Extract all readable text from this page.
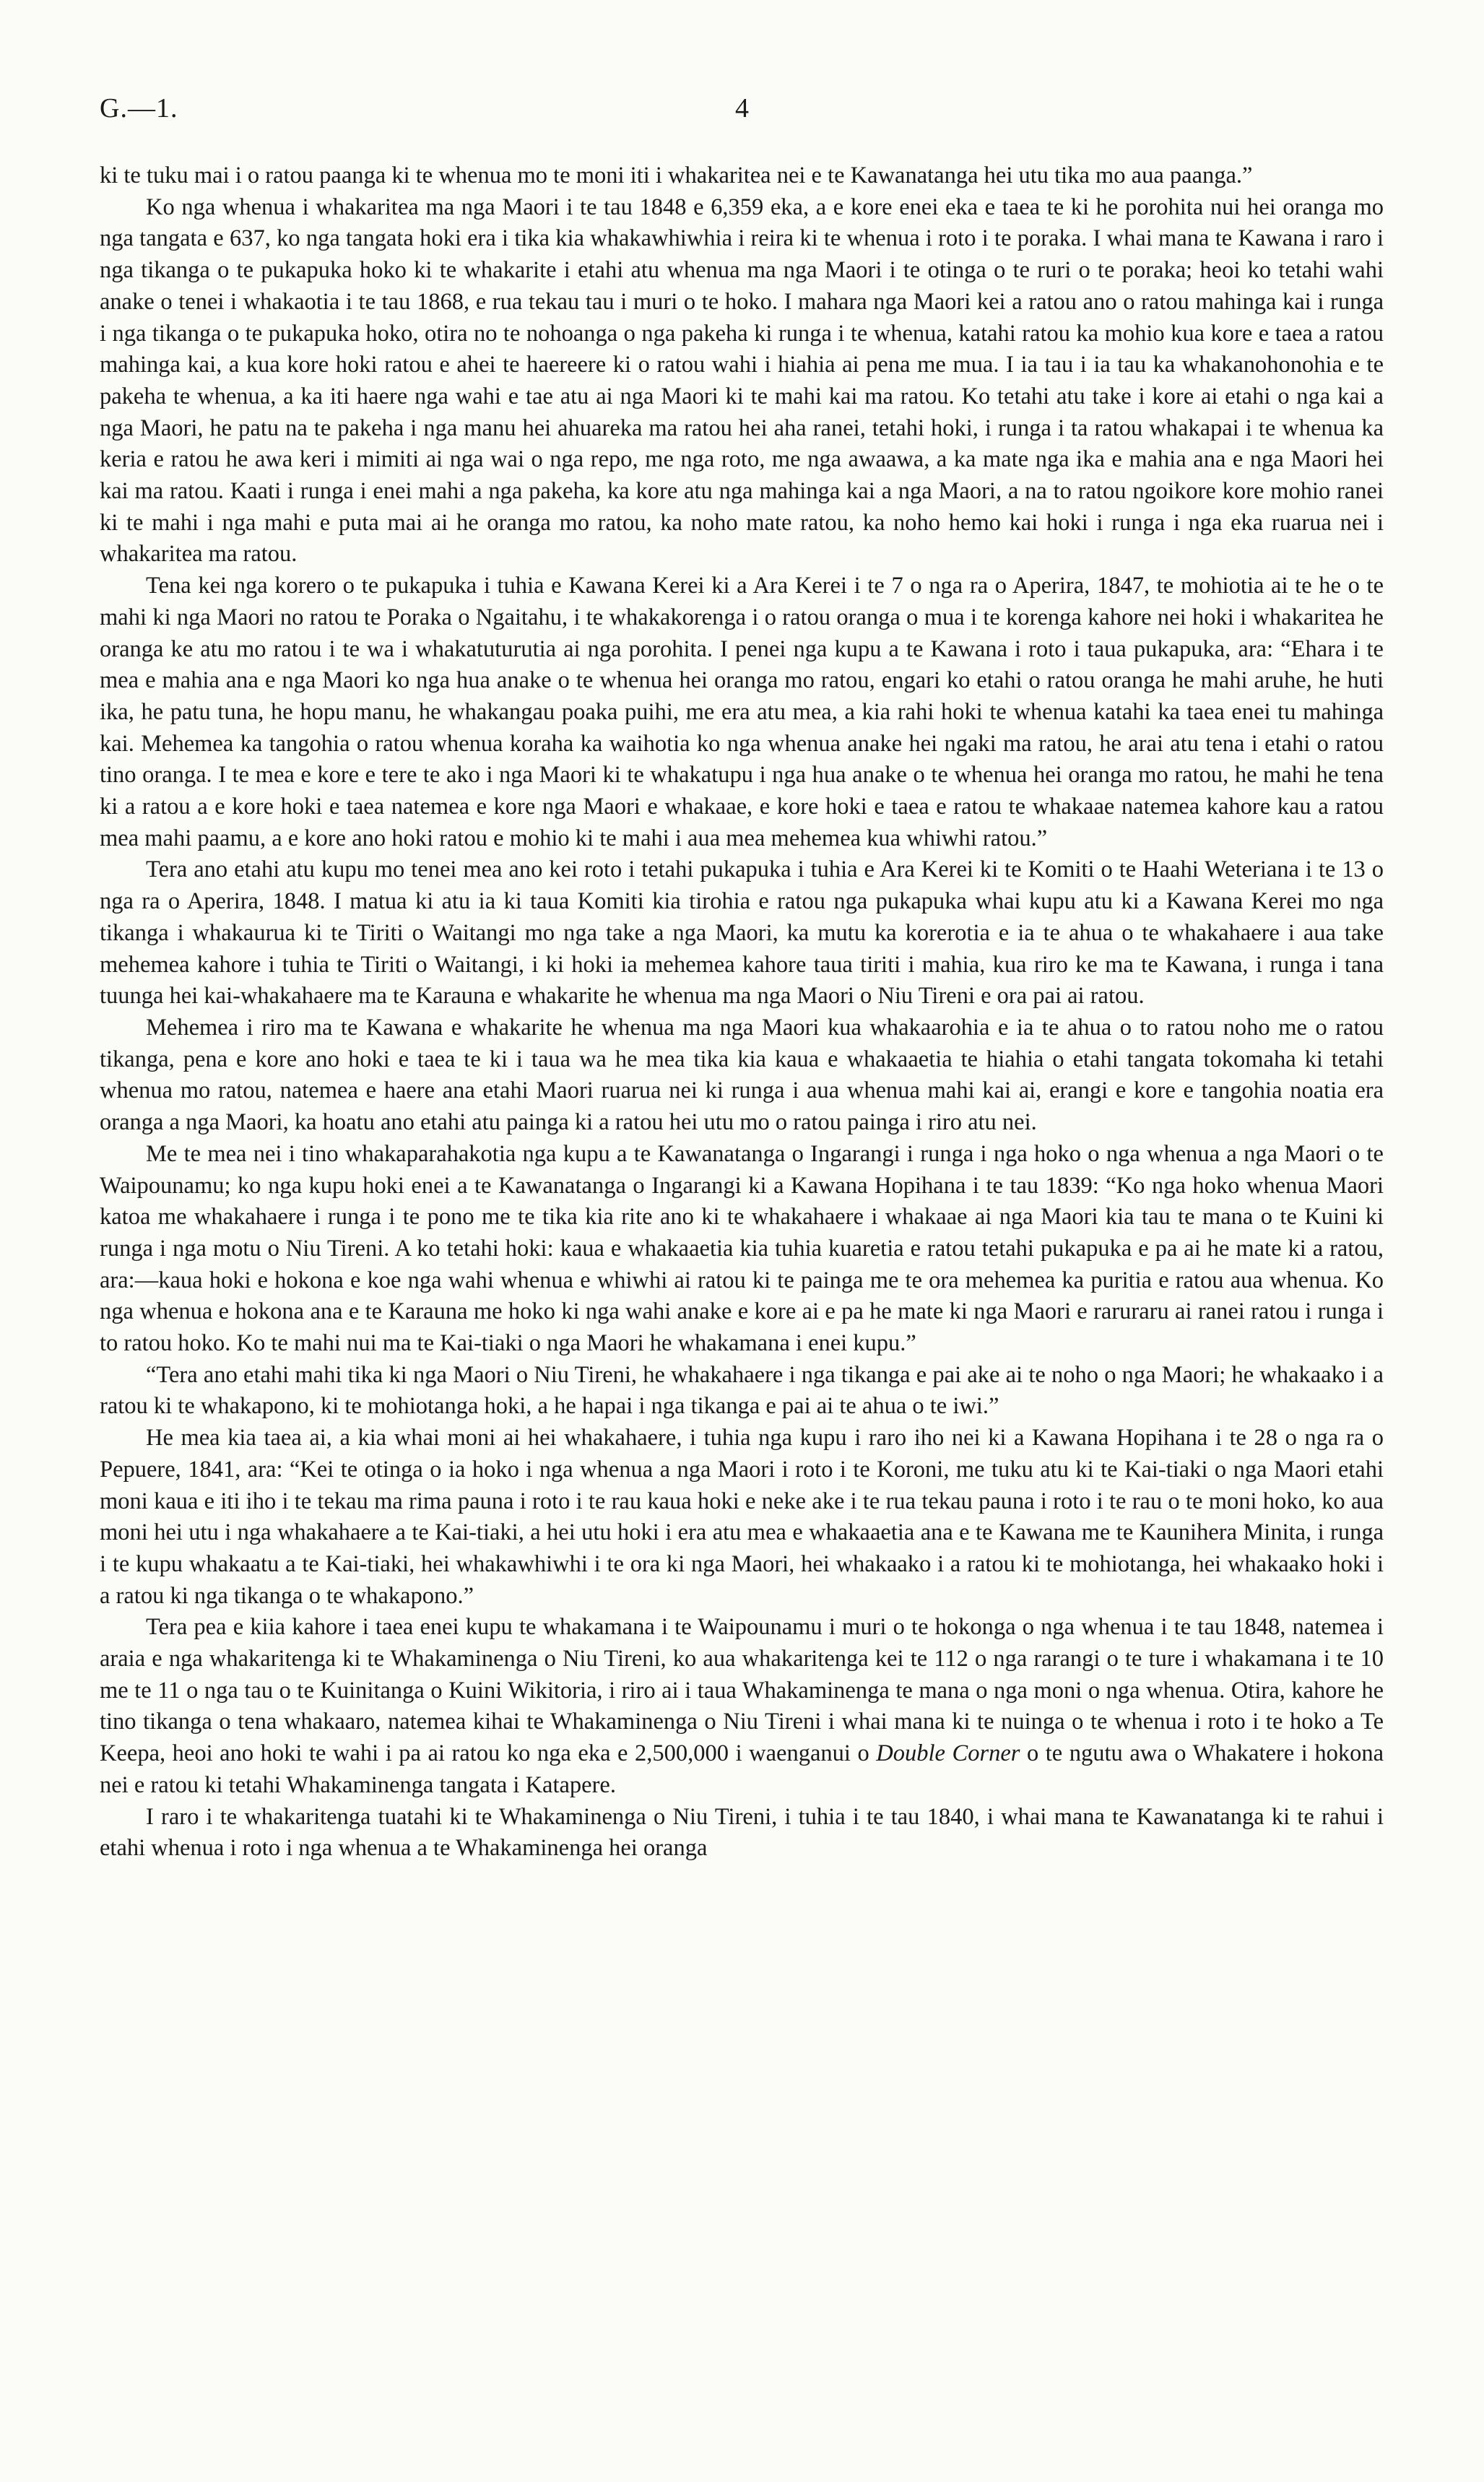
G.—1.	4

ki te tuku mai i o ratou paanga ki te whenua mo te moni iti i whakaritea nei e te Kawanatanga hei utu tika mo aua paanga.”

Ko nga whenua i whakaritea ma nga Maori i te tau 1848 e 6,359 eka, a e kore enei eka e taea te ki he porohita nui hei oranga mo nga tangata e 637, ko nga tangata hoki era i tika kia whakawhiwhia i reira ki te whenua i roto i te poraka. I whai mana te Kawana i raro i nga tikanga o te pukapuka hoko ki te whakarite i etahi atu whenua ma nga Maori i te otinga o te ruri o te poraka; heoi ko tetahi wahi anake o tenei i whakaotia i te tau 1868, e rua tekau tau i muri o te hoko. I mahara nga Maori kei a ratou ano o ratou mahinga kai i runga i nga tikanga o te pukapuka hoko, otira no te nohoanga o nga pakeha ki runga i te whenua, katahi ratou ka mohio kua kore e taea a ratou mahinga kai, a kua kore hoki ratou e ahei te haereere ki o ratou wahi i hiahia ai pena me mua. I ia tau i ia tau ka whakanohonohia e te pakeha te whenua, a ka iti haere nga wahi e tae atu ai nga Maori ki te mahi kai ma ratou. Ko tetahi atu take i kore ai etahi o nga kai a nga Maori, he patu na te pakeha i nga manu hei ahuareka ma ratou hei aha ranei, tetahi hoki, i runga i ta ratou whakapai i te whenua ka keria e ratou he awa keri i mimiti ai nga wai o nga repo, me nga roto, me nga awaawa, a ka mate nga ika e mahia ana e nga Maori hei kai ma ratou. Kaati i runga i enei mahi a nga pakeha, ka kore atu nga mahinga kai a nga Maori, a na to ratou ngoikore kore mohio ranei ki te mahi i nga mahi e puta mai ai he oranga mo ratou, ka noho mate ratou, ka noho hemo kai hoki i runga i nga eka ruarua nei i whakaritea ma ratou.

Tena kei nga korero o te pukapuka i tuhia e Kawana Kerei ki a Ara Kerei i te 7 o nga ra o Aperira, 1847, te mohiotia ai te he o te mahi ki nga Maori no ratou te Poraka o Ngaitahu, i te whakakorenga i o ratou oranga o mua i te korenga kahore nei hoki i whakaritea he oranga ke atu mo ratou i te wa i whakatuturutia ai nga porohita. I penei nga kupu a te Kawana i roto i taua pukapuka, ara: “Ehara i te mea e mahia ana e nga Maori ko nga hua anake o te whenua hei oranga mo ratou, engari ko etahi o ratou oranga he mahi aruhe, he huti ika, he patu tuna, he hopu manu, he whakangau poaka puihi, me era atu mea, a kia rahi hoki te whenua katahi ka taea enei tu mahinga kai. Mehemea ka tangohia o ratou whenua koraha ka waihotia ko nga whenua anake hei ngaki ma ratou, he arai atu tena i etahi o ratou tino oranga. I te mea e kore e tere te ako i nga Maori ki te whakatupu i nga hua anake o te whenua hei oranga mo ratou, he mahi he tena ki a ratou a e kore hoki e taea natemea e kore nga Maori e whakaae, e kore hoki e taea e ratou te whakaae natemea kahore kau a ratou mea mahi paamu, a e kore ano hoki ratou e mohio ki te mahi i aua mea mehemea kua whiwhi ratou.”

Tera ano etahi atu kupu mo tenei mea ano kei roto i tetahi pukapuka i tuhia e Ara Kerei ki te Komiti o te Haahi Weteriana i te 13 o nga ra o Aperira, 1848. I matua ki atu ia ki taua Komiti kia tirohia e ratou nga pukapuka whai kupu atu ki a Kawana Kerei mo nga tikanga i whakaurua ki te Tiriti o Waitangi mo nga take a nga Maori, ka mutu ka korerotia e ia te ahua o te whakahaere i aua take mehemea kahore i tuhia te Tiriti o Waitangi, i ki hoki ia mehemea kahore taua tiriti i mahia, kua riro ke ma te Kawana, i runga i tana tuunga hei kai-whakahaere ma te Karauna e whakarite he whenua ma nga Maori o Niu Tireni e ora pai ai ratou.

Mehemea i riro ma te Kawana e whakarite he whenua ma nga Maori kua whakaarohia e ia te ahua o to ratou noho me o ratou tikanga, pena e kore ano hoki e taea te ki i taua wa he mea tika kia kaua e whakaaetia te hiahia o etahi tangata tokomaha ki tetahi whenua mo ratou, natemea e haere ana etahi Maori ruarua nei ki runga i aua whenua mahi kai ai, erangi e kore e tangohia noatia era oranga a nga Maori, ka hoatu ano etahi atu painga ki a ratou hei utu mo o ratou painga i riro atu nei.

Me te mea nei i tino whakaparahakotia nga kupu a te Kawanatanga o Ingarangi i runga i nga hoko o nga whenua a nga Maori o te Waipounamu; ko nga kupu hoki enei a te Kawanatanga o Ingarangi ki a Kawana Hopihana i te tau 1839: “Ko nga hoko whenua Maori katoa me whakahaere i runga i te pono me te tika kia rite ano ki te whakahaere i whakaae ai nga Maori kia tau te mana o te Kuini ki runga i nga motu o Niu Tireni. A ko tetahi hoki: kaua e whakaaetia kia tuhia kuaretia e ratou tetahi pukapuka e pa ai he mate ki a ratou, ara:—kaua hoki e hokona e koe nga wahi whenua e whiwhi ai ratou ki te painga me te ora mehemea ka puritia e ratou aua whenua. Ko nga whenua e hokona ana e te Karauna me hoko ki nga wahi anake e kore ai e pa he mate ki nga Maori e raruraru ai ranei ratou i runga i to ratou hoko. Ko te mahi nui ma te Kai-tiaki o nga Maori he whakamana i enei kupu.”

“Tera ano etahi mahi tika ki nga Maori o Niu Tireni, he whakahaere i nga tikanga e pai ake ai te noho o nga Maori; he whakaako i a ratou ki te whakapono, ki te mohiotanga hoki, a he hapai i nga tikanga e pai ai te ahua o te iwi.”

He mea kia taea ai, a kia whai moni ai hei whakahaere, i tuhia nga kupu i raro iho nei ki a Kawana Hopihana i te 28 o nga ra o Pepuere, 1841, ara: “Kei te otinga o ia hoko i nga whenua a nga Maori i roto i te Koroni, me tuku atu ki te Kai-tiaki o nga Maori etahi moni kaua e iti iho i te tekau ma rima pauna i roto i te rau kaua hoki e neke ake i te rua tekau pauna i roto i te rau o te moni hoko, ko aua moni hei utu i nga whakahaere a te Kai-tiaki, a hei utu hoki i era atu mea e whakaaetia ana e te Kawana me te Kaunihera Minita, i runga i te kupu whakaatu a te Kai-tiaki, hei whakawhiwhi i te ora ki nga Maori, hei whakaako i a ratou ki te mohiotanga, hei whakaako hoki i a ratou ki nga tikanga o te whakapono.”

Tera pea e kiia kahore i taea enei kupu te whakamana i te Waipounamu i muri o te hokonga o nga whenua i te tau 1848, natemea i araia e nga whakaritenga ki te Whakaminenga o Niu Tireni, ko aua whakaritenga kei te 112 o nga rarangi o te ture i whakamana i te 10 me te 11 o nga tau o te Kuinitanga o Kuini Wikitoria, i riro ai i taua Whakaminenga te mana o nga moni o nga whenua. Otira, kahore he tino tikanga o tena whakaaro, natemea kihai te Whakaminenga o Niu Tireni i whai mana ki te nuinga o te whenua i roto i te hoko a Te Keepa, heoi ano hoki te wahi i pa ai ratou ko nga eka e 2,500,000 i waenganui o Double Corner o te ngutu awa o Whakatere i hokona nei e ratou ki tetahi Whakaminenga tangata i Katapere.

I raro i te whakaritenga tuatahi ki te Whakaminenga o Niu Tireni, i tuhia i te tau 1840, i whai mana te Kawanatanga ki te rahui i etahi whenua i roto i nga whenua a te Whakaminenga hei oranga
